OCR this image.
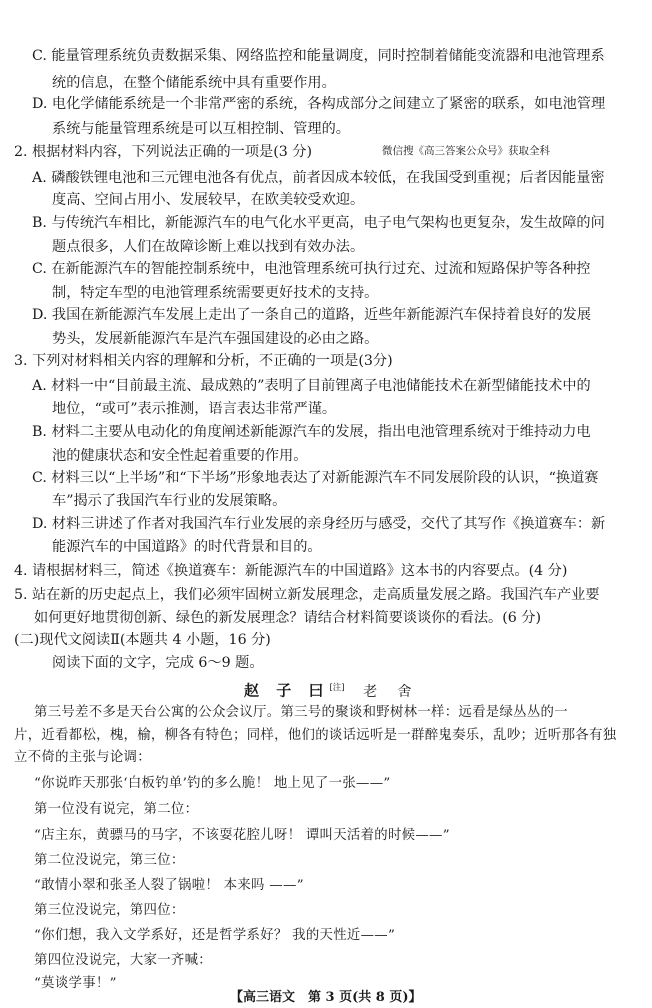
C. 能量管理系统负责数据采集、网络监控和能量调度，同时控制着储能变流器和电池管理系
统的信息，在整个储能系统中具有重要作用。
D. 电化学储能系统是一个非常严密的系统，各构成部分之间建立了紧密的联系，如电池管理
系统与能量管理系统是可以互相控制、管理的。
2. 根据材料内容，下列说法正确的一项是(3 分)	微信搜《高三答案公众号》获取全科
A. 磷酸铁锂电池和三元锂电池各有优点，前者因成本较低，在我国受到重视；后者因能量密
度高、空间占用小、发展较早，在欧美较受欢迎。
B. 与传统汽车相比，新能源汽车的电气化水平更高，电子电气架构也更复杂，发生故障的问
题点很多，人们在故障诊断上难以找到有效办法。
C. 在新能源汽车的智能控制系统中，电池管理系统可执行过充、过流和短路保护等各种控
制，特定车型的电池管理系统需要更好技术的支持。
D. 我国在新能源汽车发展上走出了一条自己的道路，近些年新能源汽车保持着良好的发展
势头，发展新能源汽车是汽车强国建设的必由之路。
3. 下列对材料相关内容的理解和分析，不正确的一项是(3分)
A. 材料一中“目前最主流、最成熟的”表明了目前锂离子电池储能技术在新型储能技术中的
地位，“或可”表示推测，语言表达非常严谨。
B. 材料二主要从电动化的角度阐述新能源汽车的发展，指出电池管理系统对于维持动力电
池的健康状态和安全性起着重要的作用。
C. 材料三以“上半场”和“下半场”形象地表达了对新能源汽车不同发展阶段的认识，“换道赛
车”揭示了我国汽车行业的发展策略。
D. 材料三讲述了作者对我国汽车行业发展的亲身经历与感受，交代了其写作《换道赛车：新
能源汽车的中国道路》的时代背景和目的。
4. 请根据材料三，简述《换道赛车：新能源汽车的中国道路》这本书的内容要点。(4 分)
5. 站在新的历史起点上，我们必须牢固树立新发展理念，走高质量发展之路。我国汽车产业要
如何更好地贯彻创新、绿色的新发展理念？请结合材料简要谈谈你的看法。(6 分)
(二)现代文阅读Ⅱ(本题共 4 小题，16 分)
阅读下面的文字，完成 6～9 题。
赵 子 曰[注] 老 舍
第三号差不多是天台公寓的公众会议厅。第三号的聚谈和野树林一样：远看是绿丛丛的一
片，近看都松，槐，榆，柳各有特色；同样，他们的谈话远听是一群醉鬼奏乐，乱吵；近听那各有独
立不倚的主张与论调：
“你说昨天那张‘白板钓单’钓的多么脆！ 地上见了一张——”
第一位没有说完，第二位：
“店主东，黄骠马的马字，不该耍花腔儿呀！ 谭叫天活着的时候——”
第二位没说完，第三位：
“敢情小翠和张圣人裂了锅啦！ 本来吗 ——”
第三位没说完，第四位：
“你们想，我入文学系好，还是哲学系好？ 我的天性近——”
第四位没说完，大家一齐喊：
“莫谈学事！”
【高三语文　第 3 页(共 8 页)】
